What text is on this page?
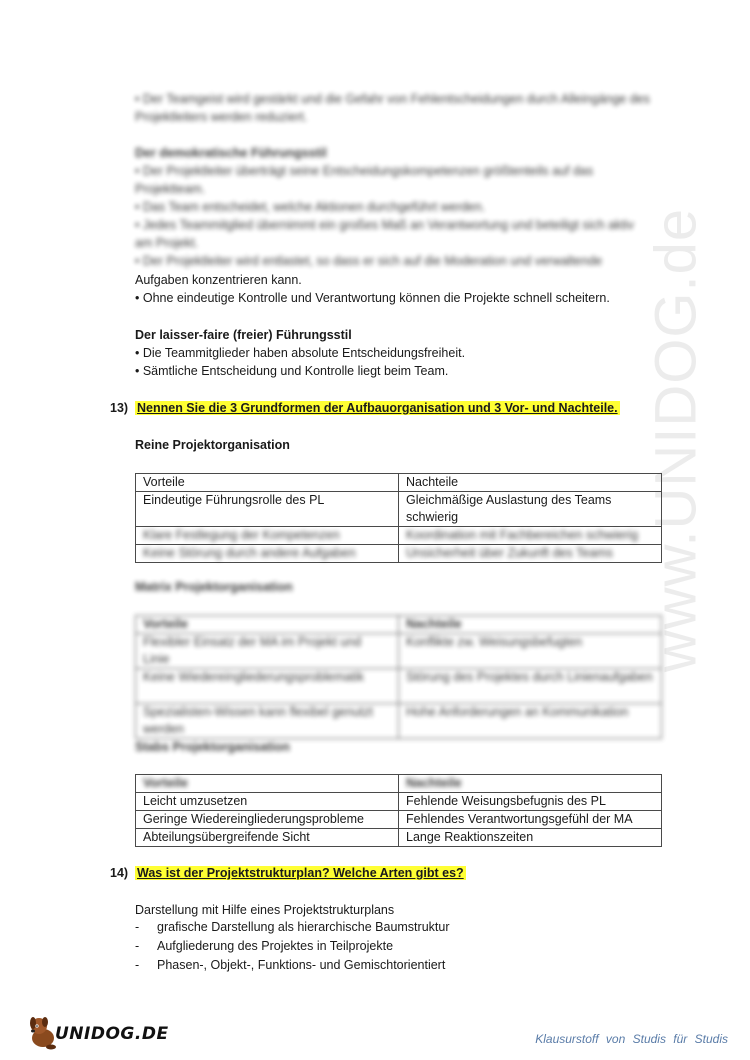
www.UNIDOG.de
• Der Teamgeist wird gestärkt und die Gefahr von Fehlentscheidungen durch Alleingänge des
Projektleiters werden reduziert.
Der demokratische Führungsstil
• Der Projektleiter überträgt seine Entscheidungskompetenzen größtenteils auf das
Projektteam.
• Das Team entscheidet, welche Aktionen durchgeführt werden.
• Jedes Teammitglied übernimmt ein großes Maß an Verantwortung und beteiligt sich aktiv
am Projekt.
• Der Projektleiter wird entlastet, so dass er sich auf die Moderation und verwaltende
Aufgaben konzentrieren kann.
• Ohne eindeutige Kontrolle und Verantwortung können die Projekte schnell scheitern.
Der laisser-faire (freier) Führungsstil
• Die Teammitglieder haben absolute Entscheidungsfreiheit.
• Sämtliche Entscheidung und Kontrolle liegt beim Team.
13) Nennen Sie die 3 Grundformen der Aufbauorganisation und 3 Vor- und Nachteile.
Reine Projektorganisation
Vorteile	Nachteile
Eindeutige Führungsrolle des PL	Gleichmäßige Auslastung des Teams schwierig
Klare Festlegung der Kompetenzen	Koordination mit Fachbereichen schwierig
Keine Störung durch andere Aufgaben	Unsicherheit über Zukunft des Teams
Matrix Projektorganisation
Vorteile	Nachteile
Flexibler Einsatz der MA im Projekt und Linie	Konflikte zw. Weisungsbefugten
Keine Wiedereingliederungsproblematik	Störung des Projektes durch Linienaufgaben
Spezialisten-Wissen kann flexibel genutzt werden	Hohe Anforderungen an Kommunikation
Stabs Projektorganisation
Vorteile	Nachteile
Leicht umzusetzen	Fehlende Weisungsbefugnis des PL
Geringe Wiedereingliederungsprobleme	Fehlendes Verantwortungsgefühl der MA
Abteilungsübergreifende Sicht	Lange Reaktionszeiten
14) Was ist der Projektstrukturplan? Welche Arten gibt es?
Darstellung mit Hilfe eines Projektstrukturplans
- grafische Darstellung als hierarchische Baumstruktur
- Aufgliederung des Projektes in Teilprojekte
- Phasen-, Objekt-, Funktions- und Gemischtorientiert
UNIDOG.DE	Klausurstoff von Studis für Studis
